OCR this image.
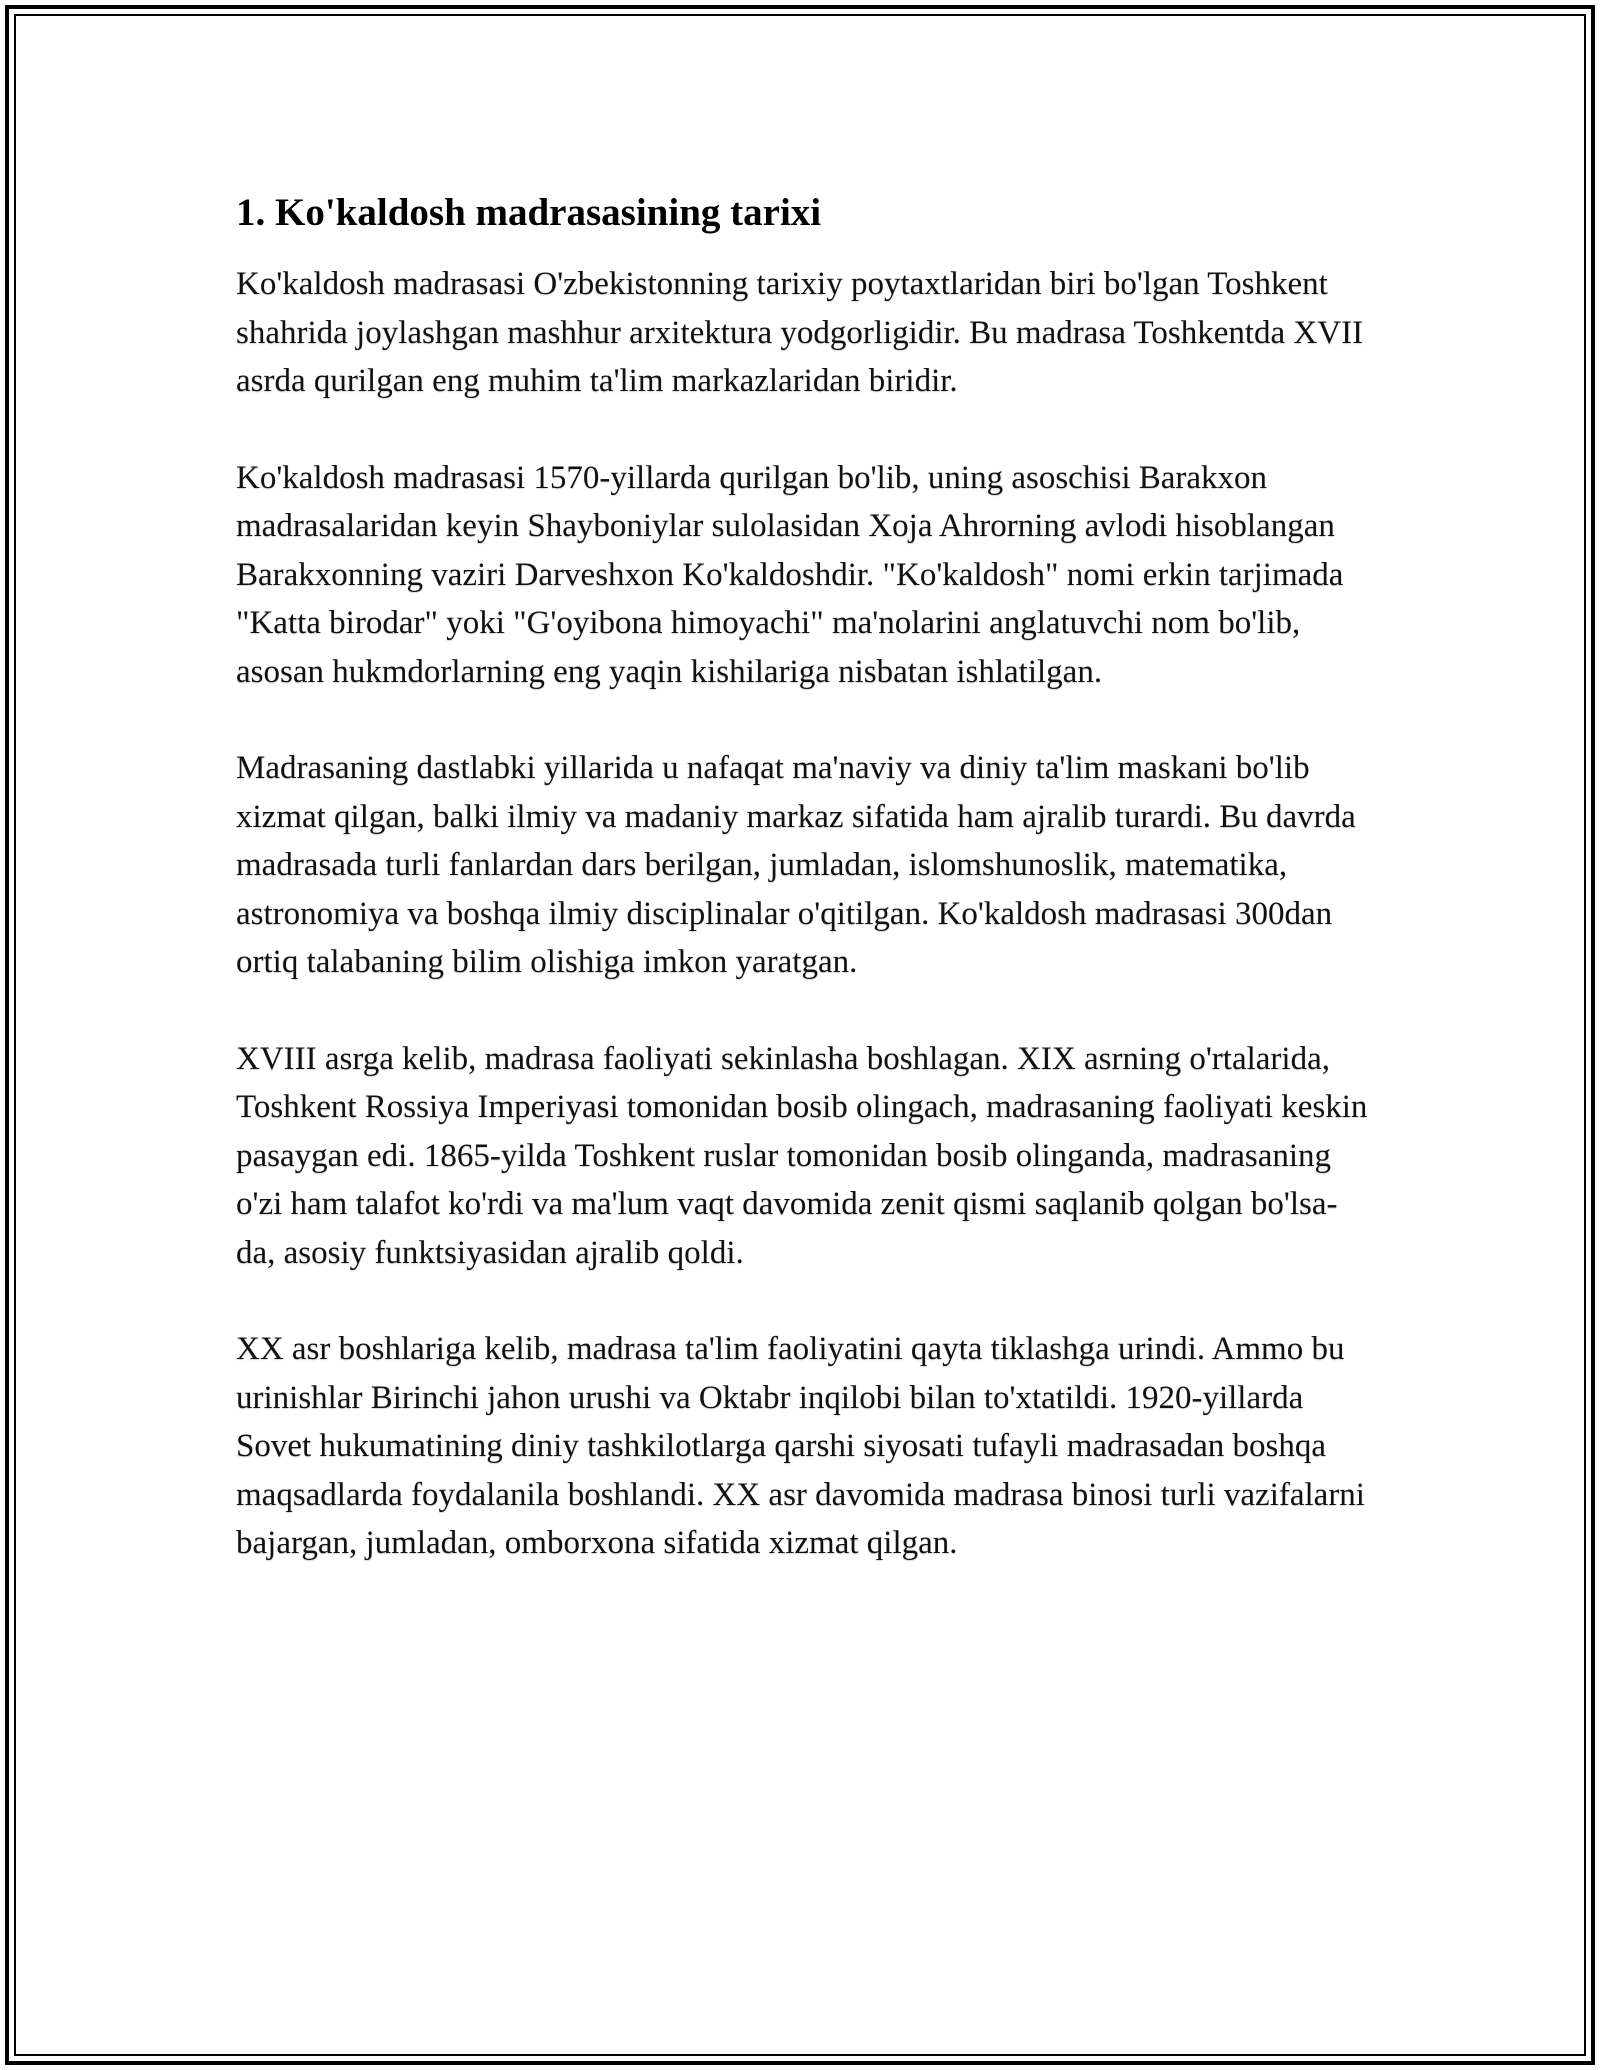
1. Ko'kaldosh madrasasining tarixi

Ko'kaldosh madrasasi O'zbekistonning tarixiy poytaxtlaridan biri bo'lgan Toshkent shahrida joylashgan mashhur arxitektura yodgorligidir. Bu madrasa Toshkentda XVII asrda qurilgan eng muhim ta'lim markazlaridan biridir.

Ko'kaldosh madrasasi 1570-yillarda qurilgan bo'lib, uning asoschisi Barakxon madrasalaridan keyin Shayboniylar sulolasidan Xoja Ahrorning avlodi hisoblangan Barakxonning vaziri Darveshxon Ko'kaldoshdir. "Ko'kaldosh" nomi erkin tarjimada "Katta birodar" yoki "G'oyibona himoyachi" ma'nolarini anglatuvchi nom bo'lib, asosan hukmdorlarning eng yaqin kishilariga nisbatan ishlatilgan.

Madrasaning dastlabki yillarida u nafaqat ma'naviy va diniy ta'lim maskani bo'lib xizmat qilgan, balki ilmiy va madaniy markaz sifatida ham ajralib turardi. Bu davrda madrasada turli fanlardan dars berilgan, jumladan, islomshunoslik, matematika, astronomiya va boshqa ilmiy disciplinalar o'qitilgan. Ko'kaldosh madrasasi 300dan ortiq talabaning bilim olishiga imkon yaratgan.

XVIII asrga kelib, madrasa faoliyati sekinlasha boshlagan. XIX asrning o'rtalarida, Toshkent Rossiya Imperiyasi tomonidan bosib olingach, madrasaning faoliyati keskin pasaygan edi. 1865-yilda Toshkent ruslar tomonidan bosib olinganda, madrasaning o'zi ham talafot ko'rdi va ma'lum vaqt davomida zenit qismi saqlanib qolgan bo'lsa-da, asosiy funktsiyasidan ajralib qoldi.

XX asr boshlariga kelib, madrasa ta'lim faoliyatini qayta tiklashga urindi. Ammo bu urinishlar Birinchi jahon urushi va Oktabr inqilobi bilan to'xtatildi. 1920-yillarda Sovet hukumatining diniy tashkilotlarga qarshi siyosati tufayli madrasadan boshqa maqsadlarda foydalanila boshlandi. XX asr davomida madrasa binosi turli vazifalarni bajargan, jumladan, omborxona sifatida xizmat qilgan.
